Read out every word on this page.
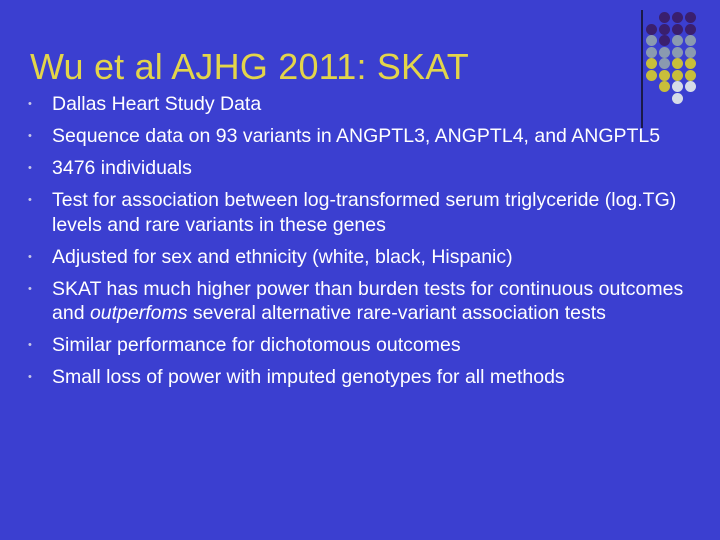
Wu et al AJHG 2011: SKAT
• Dallas Heart Study Data
• Sequence data on 93 variants in ANGPTL3, ANGPTL4, and ANGPTL5
• 3476 individuals
• Test for association between log-transformed serum triglyceride (log.TG) levels and rare variants in these genes
• Adjusted for sex and ethnicity (white, black, Hispanic)
• SKAT has much higher power than burden tests for continuous outcomes and outperfoms several alternative rare-variant association tests
• Similar performance for dichotomous outcomes
• Small loss of power with imputed genotypes for all methods
